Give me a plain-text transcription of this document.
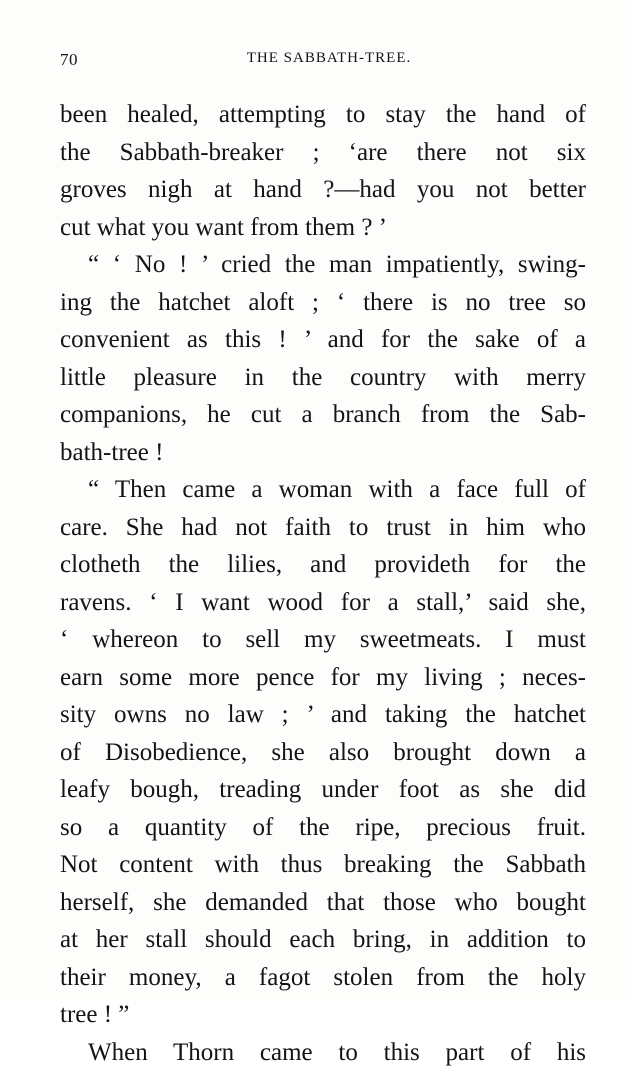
70	THE SABBATH-TREE.
been healed, attempting to stay the hand of
the Sabbath-breaker ; ‘are there not six
groves nigh at hand ?—had you not better
cut what you want from them ? ’
“ ‘ No ! ’ cried the man impatiently, swing-
ing the hatchet aloft ; ‘ there is no tree so
convenient as this ! ’ and for the sake of a
little pleasure in the country with merry
companions, he cut a branch from the Sab-
bath-tree !
“ Then came a woman with a face full of
care. She had not faith to trust in him who
clotheth the lilies, and provideth for the
ravens. ‘ I want wood for a stall,’ said she,
‘ whereon to sell my sweetmeats. I must
earn some more pence for my living ; neces-
sity owns no law ; ’ and taking the hatchet
of Disobedience, she also brought down a
leafy bough, treading under foot as she did
so a quantity of the ripe, precious fruit.
Not content with thus breaking the Sabbath
herself, she demanded that those who bought
at her stall should each bring, in addition to
their money, a fagot stolen from the holy
tree ! ”
When Thorn came to this part of his
